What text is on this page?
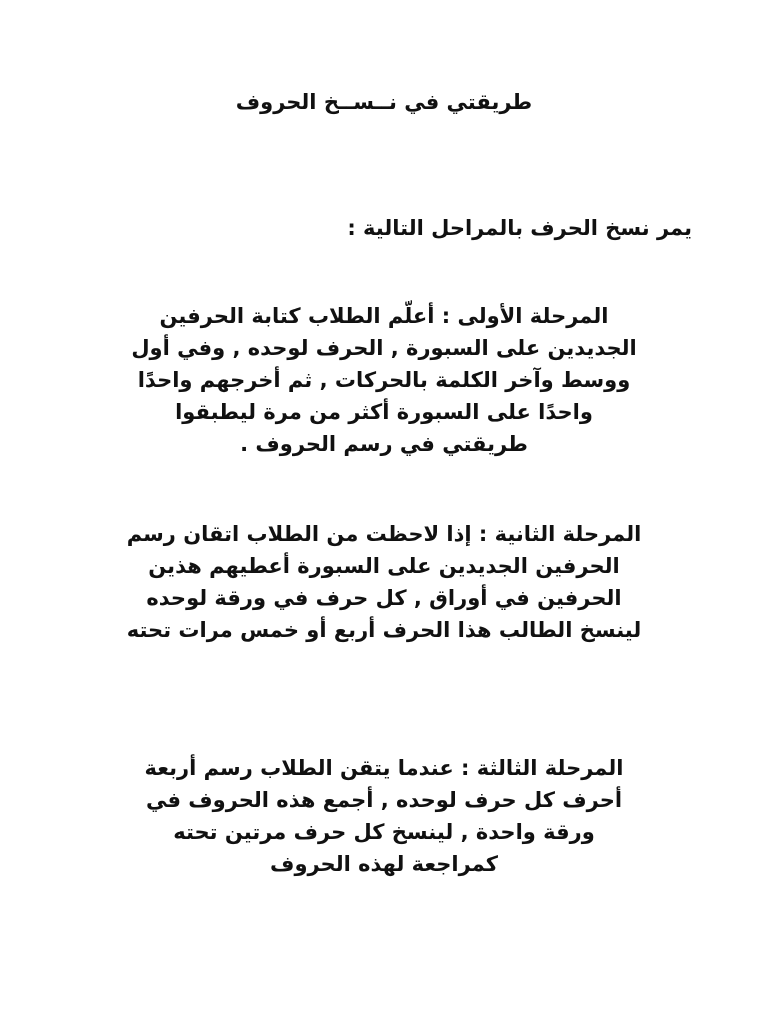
طريقتي في نــســخ الحروف

يمر نسخ الحرف بالمراحل التالية :

المرحلة الأولى : أعلّم الطلاب كتابة الحرفين
الجديدين على السبورة , الحرف لوحده , وفي أول
ووسط وآخر الكلمة بالحركات , ثم أخرجهم واحدًا
واحدًا على السبورة أكثر من مرة ليطبقوا
طريقتي في رسم الحروف .

المرحلة الثانية : إذا لاحظت من الطلاب اتقان رسم
الحرفين الجديدين على السبورة أعطيهم هذين
الحرفين في أوراق , كل حرف في ورقة لوحده
لينسخ الطالب هذا الحرف أربع أو خمس مرات تحته

المرحلة الثالثة : عندما يتقن الطلاب رسم أربعة
أحرف كل حرف لوحده , أجمع هذه الحروف في
ورقة واحدة , لينسخ كل حرف مرتين تحته
كمراجعة لهذه الحروف
